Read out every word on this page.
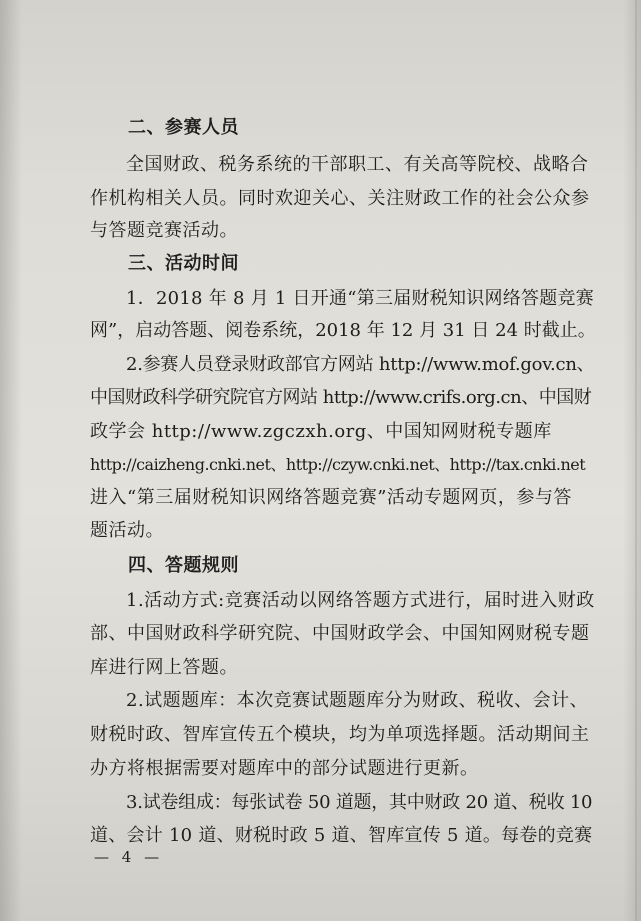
二、参赛人员
全国财政、税务系统的干部职工、有关高等院校、战略合
作机构相关人员。同时欢迎关心、关注财政工作的社会公众参
与答题竞赛活动。
三、活动时间
1．2018 年 8 月 1 日开通“第三届财税知识网络答题竞赛
网”，启动答题、阅卷系统，2018 年 12 月 31 日 24 时截止。
2.参赛人员登录财政部官方网站 http://www.mof.gov.cn、
中国财政科学研究院官方网站 http://www.crifs.org.cn、中国财
政学会 http://www.zgczxh.org、中国知网财税专题库
http://caizheng.cnki.net、http://czyw.cnki.net、http://tax.cnki.net
进入“第三届财税知识网络答题竞赛”活动专题网页，参与答
题活动。
四、答题规则
1.活动方式:竞赛活动以网络答题方式进行，届时进入财政
部、中国财政科学研究院、中国财政学会、中国知网财税专题
库进行网上答题。
2.试题题库：本次竞赛试题题库分为财政、税收、会计、
财税时政、智库宣传五个模块，均为单项选择题。活动期间主
办方将根据需要对题库中的部分试题进行更新。
3.试卷组成：每张试卷 50 道题，其中财政 20 道、税收 10
道、会计 10 道、财税时政 5 道、智库宣传 5 道。每卷的竞赛
— 4 —
